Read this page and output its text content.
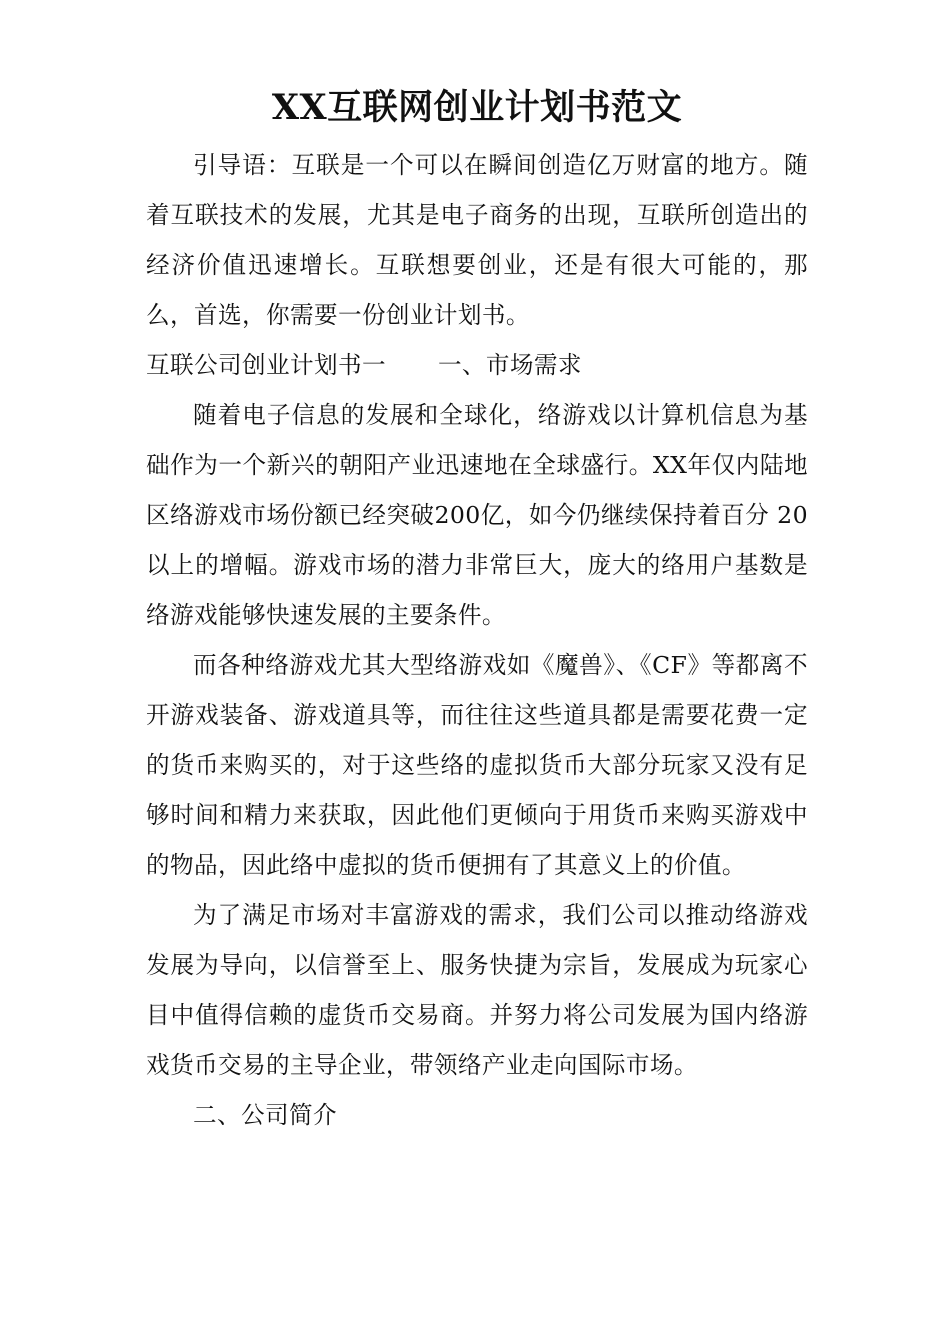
XX互联网创业计划书范文

引导语：互联是一个可以在瞬间创造亿万财富的地方。随着互联技术的发展，尤其是电子商务的出现，互联所创造出的经济价值迅速增长。互联想要创业，还是有很大可能的，那么，首选，你需要一份创业计划书。

互联公司创业计划书一 一、市场需求

随着电子信息的发展和全球化，络游戏以计算机信息为基础作为一个新兴的朝阳产业迅速地在全球盛行。XX年仅内陆地区络游戏市场份额已经突破200亿，如今仍继续保持着百分 20 以上的增幅。游戏市场的潜力非常巨大，庞大的络用户基数是络游戏能够快速发展的主要条件。

而各种络游戏尤其大型络游戏如《魔兽》、《CF》等都离不开游戏装备、游戏道具等，而往往这些道具都是需要花费一定的货币来购买的，对于这些络的虚拟货币大部分玩家又没有足够时间和精力来获取，因此他们更倾向于用货币来购买游戏中的物品，因此络中虚拟的货币便拥有了其意义上的价值。

为了满足市场对丰富游戏的需求，我们公司以推动络游戏发展为导向，以信誉至上、服务快捷为宗旨，发展成为玩家心目中值得信赖的虚货币交易商。并努力将公司发展为国内络游戏货币交易的主导企业，带领络产业走向国际市场。

二、公司简介
